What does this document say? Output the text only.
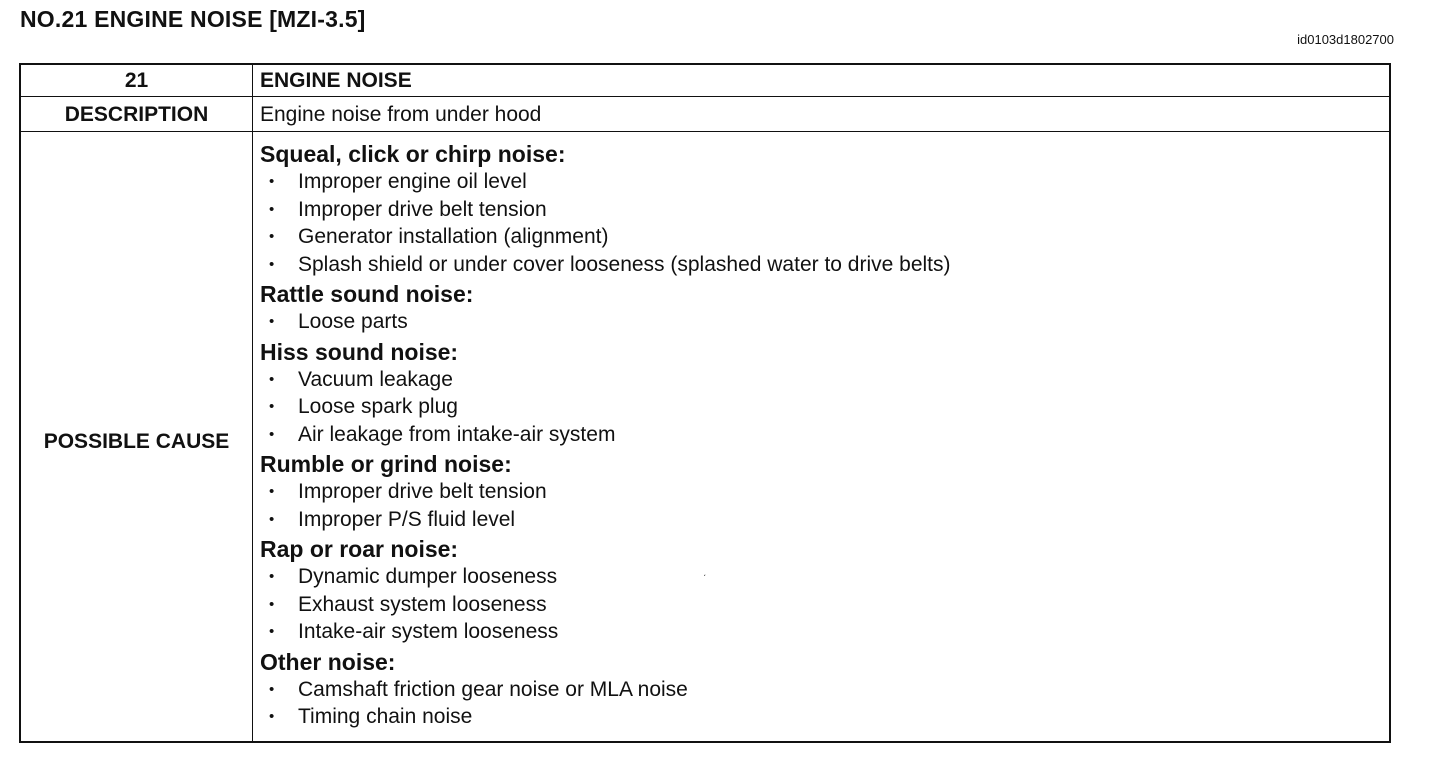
NO.21 ENGINE NOISE [MZI-3.5]
id0103d1802700
21	ENGINE NOISE
DESCRIPTION	Engine noise from under hood
POSSIBLE CAUSE
Squeal, click or chirp noise:
• Improper engine oil level
• Improper drive belt tension
• Generator installation (alignment)
• Splash shield or under cover looseness (splashed water to drive belts)
Rattle sound noise:
• Loose parts
Hiss sound noise:
• Vacuum leakage
• Loose spark plug
• Air leakage from intake-air system
Rumble or grind noise:
• Improper drive belt tension
• Improper P/S fluid level
Rap or roar noise:
• Dynamic dumper looseness
• Exhaust system looseness
• Intake-air system looseness
Other noise:
• Camshaft friction gear noise or MLA noise
• Timing chain noise
ˏ
